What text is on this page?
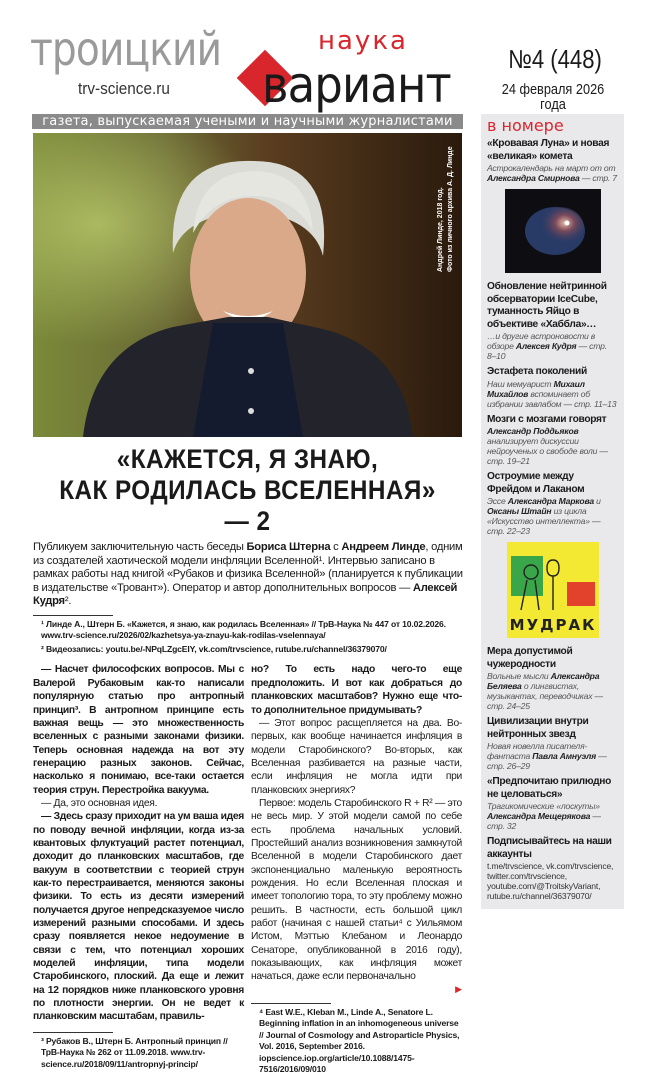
троицкий	наука
вариант
trv-science.ru
№4 (448)
24 февраля 2026 года
газета, выпускаемая учеными и научными журналистами
Андрей Линде, 2018 год. Фото из личного архива А. Д. Линде
«КАЖЕТСЯ, Я ЗНАЮ,
КАК РОДИЛАСЬ ВСЕЛЕННАЯ» — 2
Публикуем заключительную часть беседы Бориса Штерна с Андреем Линде, одним из создателей хаотической модели инфляции Вселенной¹. Интервью записано в рамках работы над книгой «Рубаков и физика Вселенной» (планируется к публикации в издательстве «Тровант»). Оператор и автор дополнительных вопросов — Алексей Кудря².
¹ Линде А., Штерн Б. «Кажется, я знаю, как родилась Вселенная» // ТрВ-Наука № 447 от 10.02.2026. www.trv-science.ru/2026/02/kazhetsya-ya-znayu-kak-rodilas-vselennaya/
² Видеозапись: youtu.be/-NPqLZgcEIY, vk.com/trvscience, rutube.ru/channel/36379070/

— Насчет философских вопросов. Мы с Валерой Рубаковым как-то написали популярную статью про антропный принцип³. В антропном принципе есть важная вещь — это множественность вселенных с разными законами физики. Теперь основная надежда на вот эту генерацию разных законов. Сейчас, насколько я понимаю, все-таки остается теория струн. Перестройка вакуума.

— Да, это основная идея.

— Здесь сразу приходит на ум ваша идея по поводу вечной инфляции, когда из-за квантовых флуктуаций растет потенциал, доходит до планковских масштабов, где вакуум в соответствии с теорией струн как-то перестраивается, меняются законы физики. То есть из десяти измерений получается другое непредсказуемое число измерений разными способами. И здесь сразу появляется некое недоумение в связи с тем, что потенциал хороших моделей инфляции, типа модели Старобинского, плоский. Да еще и лежит на 12 порядков ниже планковского уровня по плотности энергии. Он не ведет к планковским масштабам, правиль-

³ Рубаков В., Штерн Б. Антропный принцип // ТрВ-Наука № 262 от 11.09.2018. www.trv-science.ru/2018/09/11/antropnyj-princip/

но? То есть надо чего-то еще предположить. И вот как добраться до планковских масштабов? Нужно еще что-то дополнительное придумывать?

— Этот вопрос расщепляется на два. Во-первых, как вообще начинается инфляция в модели Старобинского? Во-вторых, как Вселенная разбивается на разные части, если инфляция не могла идти при планковских энергиях?

Первое: модель Старобинского R + R² — это не весь мир. У этой модели самой по себе есть проблема начальных условий. Простейший анализ возникновения замкнутой Вселенной в модели Старобинского дает экспоненциально маленькую вероятность рождения. Но если Вселенная плоская и имеет топологию тора, то эту проблему можно решить. В частности, есть большой цикл работ (начиная с нашей статьи⁴ с Уильямом Истом, Мэттью Клебаном и Леонардо Сенаторе, опубликованной в 2016 году), показывающих, как инфляция может начаться, даже если первоначально

▶
⁴ East W.E., Kleban M., Linde A., Senatore L. Beginning inflation in an inhomogeneous universe // Journal of Cosmology and Astroparticle Physics, Vol. 2016, September 2016. iopscience.iop.org/article/10.1088/1475-7516/2016/09/010
в номере
«Кровавая Луна» и новая «великая» комета
Астрокалендарь на март от от Александра Смирнова — стр. 7
Обновление нейтринной обсерватории IceCube, туманность Яйцо в объективе «Хаббла»…
…и другие астроновости в обзоре Алексея Кудря — стр. 8–10
Эстафета поколений
Наш мемуарист Михаил Михайлов вспоминает об избрании завлабом — стр. 11–13
Мозги с мозгами говорят
Александр Поддьяков анализирует дискуссии нейроученых о свободе воли — стр. 19–21
Остроумие между Фрейдом и Лаканом
Эссе Александра Маркова и Оксаны Штайн из цикла «Искусство интеллекта» — стр. 22–23
МУДРАК
Мера допустимой чужеродности
Вольные мысли Александра Беляева о лингвистах, музыкантах, переводчиках — стр. 24–25
Цивилизации внутри нейтронных звезд
Новая новелла писателя-фантаста Павла Амнуэля — стр. 26–29
«Предпочитаю прилюдно не целоваться»
Трагикомические «лоскуты» Александра Мещерякова — стр. 32
Подписывайтесь на наши аккаунты
t.me/trvscience, vk.com/trvscience, twitter.com/trvscience, youtube.com/@TroitskyVariant, rutube.ru/channel/36379070/
